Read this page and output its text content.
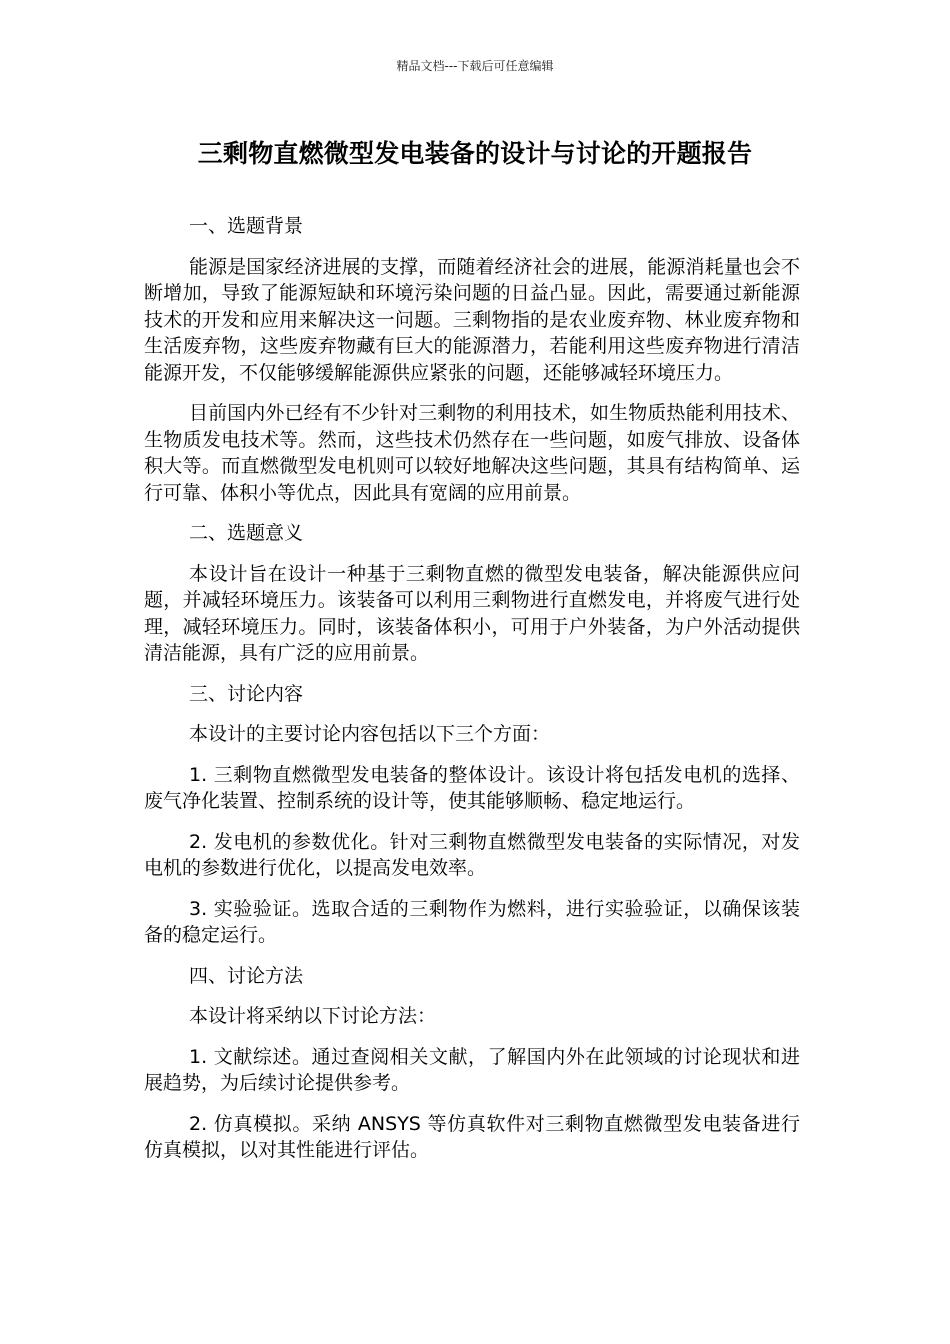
精品文档---下载后可任意编辑
三剩物直燃微型发电装备的设计与讨论的开题报告

一、选题背景

能源是国家经济进展的支撑，而随着经济社会的进展，能源消耗量也会不断增加，导致了能源短缺和环境污染问题的日益凸显。因此，需要通过新能源技术的开发和应用来解决这一问题。三剩物指的是农业废弃物、林业废弃物和生活废弃物，这些废弃物藏有巨大的能源潜力，若能利用这些废弃物进行清洁能源开发，不仅能够缓解能源供应紧张的问题，还能够减轻环境压力。

目前国内外已经有不少针对三剩物的利用技术，如生物质热能利用技术、生物质发电技术等。然而，这些技术仍然存在一些问题，如废气排放、设备体积大等。而直燃微型发电机则可以较好地解决这些问题，其具有结构简单、运行可靠、体积小等优点，因此具有宽阔的应用前景。

二、选题意义

本设计旨在设计一种基于三剩物直燃的微型发电装备，解决能源供应问题，并减轻环境压力。该装备可以利用三剩物进行直燃发电，并将废气进行处理，减轻环境压力。同时，该装备体积小，可用于户外装备，为户外活动提供清洁能源，具有广泛的应用前景。

三、讨论内容

本设计的主要讨论内容包括以下三个方面：

1. 三剩物直燃微型发电装备的整体设计。该设计将包括发电机的选择、废气净化装置、控制系统的设计等，使其能够顺畅、稳定地运行。

2. 发电机的参数优化。针对三剩物直燃微型发电装备的实际情况，对发电机的参数进行优化，以提高发电效率。

3. 实验验证。选取合适的三剩物作为燃料，进行实验验证，以确保该装备的稳定运行。

四、讨论方法

本设计将采纳以下讨论方法：

1. 文献综述。通过查阅相关文献，了解国内外在此领域的讨论现状和进展趋势，为后续讨论提供参考。

2. 仿真模拟。采纳 ANSYS 等仿真软件对三剩物直燃微型发电装备进行仿真模拟，以对其性能进行评估。
